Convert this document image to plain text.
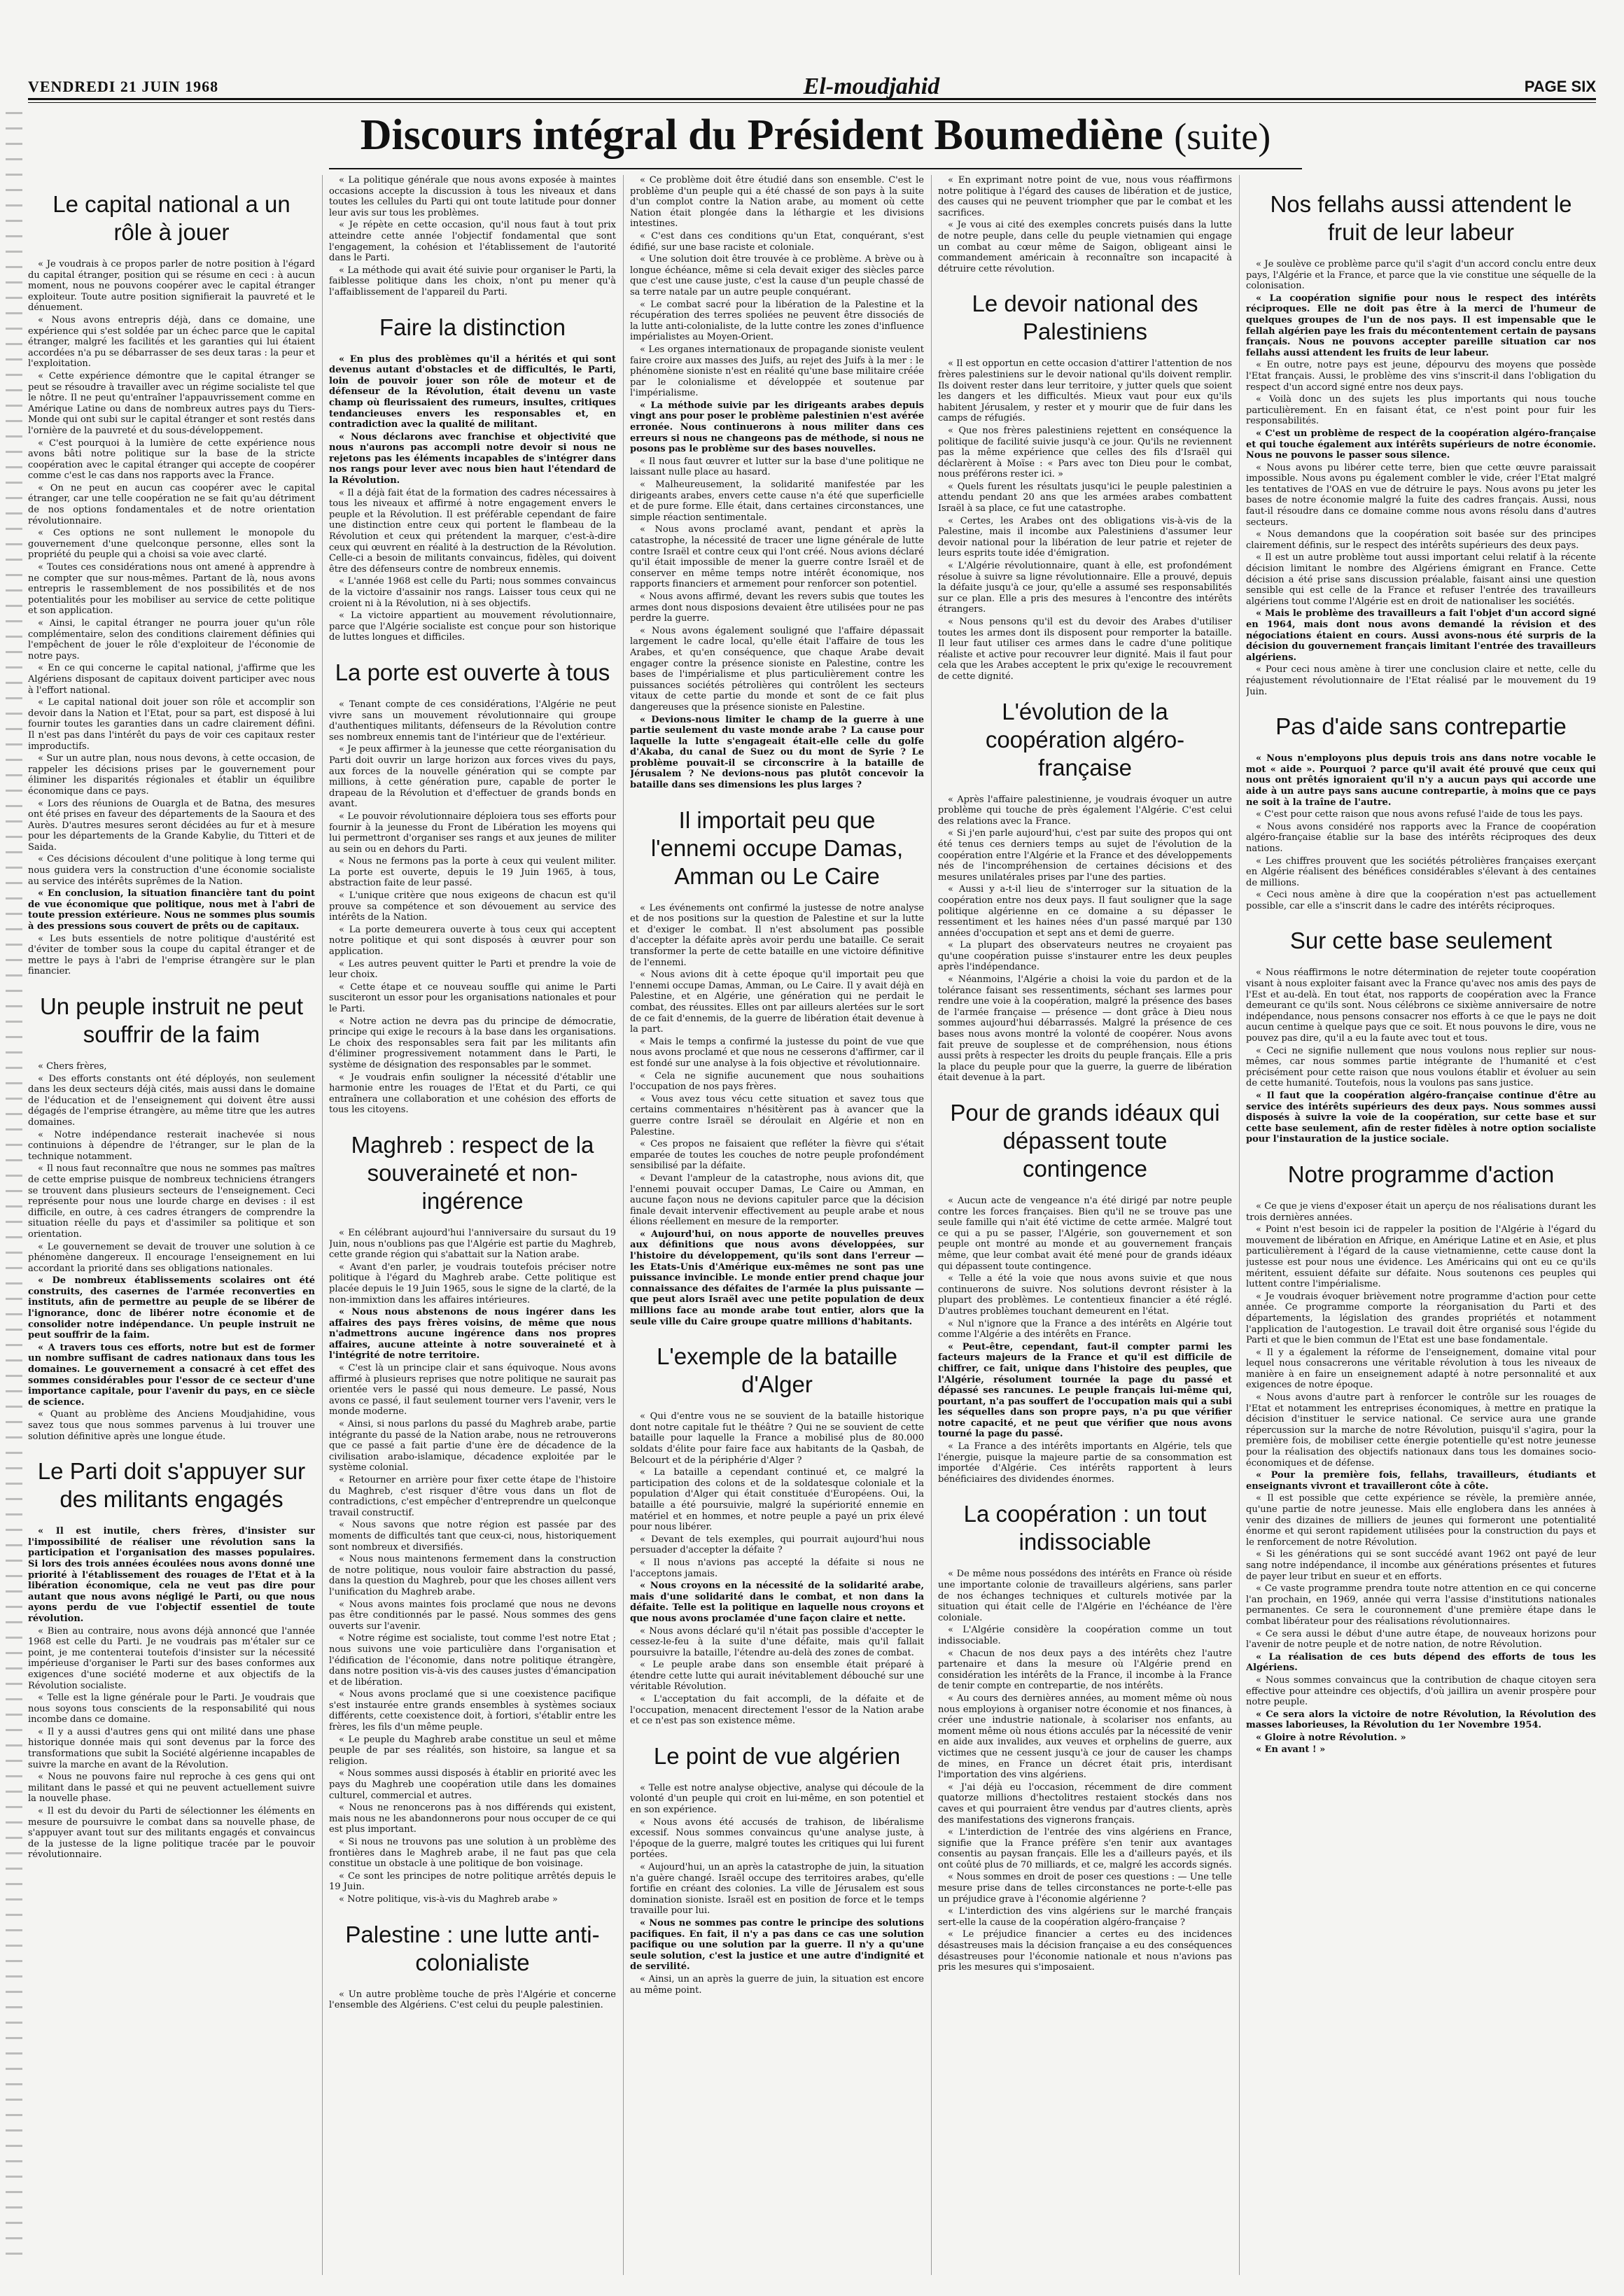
VENDREDI 21 JUIN 1968	El-moudjahid	PAGE SIX
Discours intégral du Président Boumediène (suite)
Le capital national a un rôle à jouer

« Je voudrais à ce propos parler de notre position à l'égard du capital étranger, position qui se résume en ceci : à aucun moment, nous ne pouvons coopérer avec le capital étranger exploiteur. Toute autre position signifierait la pauvreté et le dénuement.

« Nous avons entrepris déjà, dans ce domaine, une expérience qui s'est soldée par un échec parce que le capital étranger, malgré les facilités et les garanties qui lui étaient accordées n'a pu se débarrasser de ses deux taras : la peur et l'exploitation.

« Cette expérience démontre que le capital étranger se peut se résoudre à travailler avec un régime socialiste tel que le nôtre. Il ne peut qu'entraîner l'appauvrissement comme en Amérique Latine ou dans de nombreux autres pays du Tiers-Monde qui ont subi sur le capital étranger et sont restés dans l'ornière de la pauvreté et du sous-développement.

« C'est pourquoi à la lumière de cette expérience nous avons bâti notre politique sur la base de la stricte coopération avec le capital étranger qui accepte de coopérer comme c'est le cas dans nos rapports avec la France.

« On ne peut en aucun cas coopérer avec le capital étranger, car une telle coopération ne se fait qu'au détriment de nos options fondamentales et de notre orientation révolutionnaire.

« Ces options ne sont nullement le monopole du gouvernement d'une quelconque personne, elles sont la propriété du peuple qui a choisi sa voie avec clarté.

« Toutes ces considérations nous ont amené à apprendre à ne compter que sur nous-mêmes. Partant de là, nous avons entrepris le rassemblement de nos possibilités et de nos potentialités pour les mobiliser au service de cette politique et son application.

« Ainsi, le capital étranger ne pourra jouer qu'un rôle complémentaire, selon des conditions clairement définies qui l'empêchent de jouer le rôle d'exploiteur de l'économie de notre pays.

« En ce qui concerne le capital national, j'affirme que les Algériens disposant de capitaux doivent participer avec nous à l'effort national.

« Le capital national doit jouer son rôle et accomplir son devoir dans la Nation et l'Etat, pour sa part, est disposé à lui fournir toutes les garanties dans un cadre clairement défini. Il n'est pas dans l'intérêt du pays de voir ces capitaux rester improductifs.

« Sur un autre plan, nous nous devons, à cette occasion, de rappeler les décisions prises par le gouvernement pour éliminer les disparités régionales et établir un équilibre économique dans ce pays.

« Lors des réunions de Ouargla et de Batna, des mesures ont été prises en faveur des départements de la Saoura et des Aurès. D'autres mesures seront décidées au fur et à mesure pour les départements de la Grande Kabylie, du Titteri et de Saida.

« Ces décisions découlent d'une politique à long terme qui nous guidera vers la construction d'une économie socialiste au service des intérêts suprêmes de la Nation.

« En conclusion, la situation financière tant du point de vue économique que politique, nous met à l'abri de toute pression extérieure. Nous ne sommes plus soumis à des pressions sous couvert de prêts ou de capitaux.

« Les buts essentiels de notre politique d'austérité est d'éviter de tomber sous la coupe du capital étranger et de mettre le pays à l'abri de l'emprise étrangère sur le plan financier.

Un peuple instruit ne peut souffrir de la faim

« Chers frères,

« Des efforts constants ont été déployés, non seulement dans les deux secteurs déjà cités, mais aussi dans le domaine de l'éducation et de l'enseignement qui doivent être aussi dégagés de l'emprise étrangère, au même titre que les autres domaines.

« Notre indépendance resterait inachevée si nous continuions à dépendre de l'étranger, sur le plan de la technique notamment.

« Il nous faut reconnaître que nous ne sommes pas maîtres de cette emprise puisque de nombreux techniciens étrangers se trouvent dans plusieurs secteurs de l'enseignement. Ceci représente pour nous une lourde charge en devises : il est difficile, en outre, à ces cadres étrangers de comprendre la situation réelle du pays et d'assimiler sa politique et son orientation.

« Le gouvernement se devait de trouver une solution à ce phénomène dangereux. Il encourage l'enseignement en lui accordant la priorité dans ses obligations nationales.

« De nombreux établissements scolaires ont été construits, des casernes de l'armée reconverties en instituts, afin de permettre au peuple de se libérer de l'ignorance, donc de libérer notre économie et de consolider notre indépendance. Un peuple instruit ne peut souffrir de la faim.

« A travers tous ces efforts, notre but est de former un nombre suffisant de cadres nationaux dans tous les domaines. Le gouvernement a consacré à cet effet des sommes considérables pour l'essor de ce secteur d'une importance capitale, pour l'avenir du pays, en ce siècle de science.

« Quant au problème des Anciens Moudjahidine, vous savez tous que nous sommes parvenus à lui trouver une solution définitive après une longue étude.

Le Parti doit s'appuyer sur des militants engagés

« Il est inutile, chers frères, d'insister sur l'impossibilité de réaliser une révolution sans la participation et l'organisation des masses populaires. Si lors des trois années écoulées nous avons donné une priorité à l'établissement des rouages de l'Etat et à la libération économique, cela ne veut pas dire pour autant que nous avons négligé le Parti, ou que nous ayons perdu de vue l'objectif essentiel de toute révolution.

« Bien au contraire, nous avons déjà annoncé que l'année 1968 est celle du Parti. Je ne voudrais pas m'étaler sur ce point, je me contenterai toutefois d'insister sur la nécessité impérieuse d'organiser le Parti sur des bases conformes aux exigences d'une société moderne et aux objectifs de la Révolution socialiste.

« Telle est la ligne générale pour le Parti. Je voudrais que nous soyons tous conscients de la responsabilité qui nous incombe dans ce domaine.

« Il y a aussi d'autres gens qui ont milité dans une phase historique donnée mais qui sont devenus par la force des transformations que subit la Société algérienne incapables de suivre la marche en avant de la Révolution.

« Nous ne pouvons faire nul reproche à ces gens qui ont militant dans le passé et qui ne peuvent actuellement suivre la nouvelle phase.

« Il est du devoir du Parti de sélectionner les éléments en mesure de poursuivre le combat dans sa nouvelle phase, de s'appuyer avant tout sur des militants engagés et convaincus de la justesse de la ligne politique tracée par le pouvoir révolutionnaire.

« La politique générale que nous avons exposée à maintes occasions accepte la discussion à tous les niveaux et dans toutes les cellules du Parti qui ont toute latitude pour donner leur avis sur tous les problèmes.

« Je répète en cette occasion, qu'il nous faut à tout prix atteindre cette année l'objectif fondamental que sont l'engagement, la cohésion et l'établissement de l'autorité dans le Parti.

« La méthode qui avait été suivie pour organiser le Parti, la faiblesse politique dans les choix, n'ont pu mener qu'à l'affaiblissement de l'appareil du Parti.

Faire la distinction

« En plus des problèmes qu'il a hérités et qui sont devenus autant d'obstacles et de difficultés, le Parti, loin de pouvoir jouer son rôle de moteur et de défenseur de la Révolution, était devenu un vaste champ où fleurissaient des rumeurs, insultes, critiques tendancieuses envers les responsables et, en contradiction avec la qualité de militant.

« Nous déclarons avec franchise et objectivité que nous n'aurons pas accompli notre devoir si nous ne rejetons pas les éléments incapables de s'intégrer dans nos rangs pour lever avec nous bien haut l'étendard de la Révolution.

« Il a déjà fait état de la formation des cadres nécessaires à tous les niveaux et affirmé à notre engagement envers le peuple et la Révolution. Il est préférable cependant de faire une distinction entre ceux qui portent le flambeau de la Révolution et ceux qui prétendent la marquer, c'est-à-dire ceux qui œuvrent en réalité à la destruction de la Révolution. Celle-ci a besoin de militants convaincus, fidèles, qui doivent être des défenseurs contre de nombreux ennemis.

« L'année 1968 est celle du Parti; nous sommes convaincus de la victoire d'assainir nos rangs. Laisser tous ceux qui ne croient ni à la Révolution, ni à ses objectifs.

« La victoire appartient au mouvement révolutionnaire, parce que l'Algérie socialiste est conçue pour son historique de luttes longues et difficiles.

La porte est ouverte à tous

« Tenant compte de ces considérations, l'Algérie ne peut vivre sans un mouvement révolutionnaire qui groupe d'authentiques militants, défenseurs de la Révolution contre ses nombreux ennemis tant de l'intérieur que de l'extérieur.

« Je peux affirmer à la jeunesse que cette réorganisation du Parti doit ouvrir un large horizon aux forces vives du pays, aux forces de la nouvelle génération qui se compte par millions, à cette génération pure, capable de porter le drapeau de la Révolution et d'effectuer de grands bonds en avant.

« Le pouvoir révolutionnaire déploiera tous ses efforts pour fournir à la jeunesse du Front de Libération les moyens qui lui permettront d'organiser ses rangs et aux jeunes de militer au sein ou en dehors du Parti.

« Nous ne fermons pas la porte à ceux qui veulent militer. La porte est ouverte, depuis le 19 Juin 1965, à tous, abstraction faite de leur passé.

« L'unique critère que nous exigeons de chacun est qu'il prouve sa compétence et son dévouement au service des intérêts de la Nation.

« La porte demeurera ouverte à tous ceux qui acceptent notre politique et qui sont disposés à œuvrer pour son application.

« Les autres peuvent quitter le Parti et prendre la voie de leur choix.

« Cette étape et ce nouveau souffle qui anime le Parti susciteront un essor pour les organisations nationales et pour le Parti.

« Notre action ne devra pas du principe de démocratie, principe qui exige le recours à la base dans les organisations. Le choix des responsables sera fait par les militants afin d'éliminer progressivement notamment dans le Parti, le système de désignation des responsables par le sommet.

« Je voudrais enfin souligner la nécessité d'établir une harmonie entre les rouages de l'Etat et du Parti, ce qui entraînera une collaboration et une cohésion des efforts de tous les citoyens.

Maghreb : respect de la souveraineté et non-ingérence

« En célébrant aujourd'hui l'anniversaire du sursaut du 19 Juin, nous n'oublions pas que l'Algérie est partie du Maghreb, cette grande région qui s'abattait sur la Nation arabe.

« Avant d'en parler, je voudrais toutefois préciser notre politique à l'égard du Maghreb arabe. Cette politique est placée depuis le 19 Juin 1965, sous le signe de la clarté, de la non-immixtion dans les affaires intérieures.

« Nous nous abstenons de nous ingérer dans les affaires des pays frères voisins, de même que nous n'admettrons aucune ingérence dans nos propres affaires, aucune atteinte à notre souveraineté et à l'intégrité de notre territoire.

« C'est là un principe clair et sans équivoque. Nous avons affirmé à plusieurs reprises que notre politique ne saurait pas orientée vers le passé qui nous demeure. Le passé, Nous avons ce passé, il faut seulement tourner vers l'avenir, vers le monde moderne.

« Ainsi, si nous parlons du passé du Maghreb arabe, partie intégrante du passé de la Nation arabe, nous ne retrouverons que ce passé a fait partie d'une ère de décadence de la civilisation arabo-islamique, décadence exploitée par le système colonial.

« Retourner en arrière pour fixer cette étape de l'histoire du Maghreb, c'est risquer d'être vous dans un flot de contradictions, c'est empêcher d'entreprendre un quelconque travail constructif.

« Nous savons que notre région est passée par des moments de difficultés tant que ceux-ci, nous, historiquement sont nombreux et diversifiés.

« Nous nous maintenons fermement dans la construction de notre politique, nous vouloir faire abstraction du passé, dans la question du Maghreb, pour que les choses aillent vers l'unification du Maghreb arabe.

« Nous avons maintes fois proclamé que nous ne devons pas être conditionnés par le passé. Nous sommes des gens ouverts sur l'avenir.

« Notre régime est socialiste, tout comme l'est notre Etat ; nous suivons une voie particulière dans l'organisation et l'édification de l'économie, dans notre politique étrangère, dans notre position vis-à-vis des causes justes d'émancipation et de libération.

« Nous avons proclamé que si une coexistence pacifique s'est instaurée entre grands ensembles à systèmes sociaux différents, cette coexistence doit, à fortiori, s'établir entre les frères, les fils d'un même peuple.

« Le peuple du Maghreb arabe constitue un seul et même peuple de par ses réalités, son histoire, sa langue et sa religion.

« Nous sommes aussi disposés à établir en priorité avec les pays du Maghreb une coopération utile dans les domaines culturel, commercial et autres.

« Nous ne renoncerons pas à nos différends qui existent, mais nous ne les abandonnerons pour nous occuper de ce qui est plus important.

« Si nous ne trouvons pas une solution à un problème des frontières dans le Maghreb arabe, il ne faut pas que cela constitue un obstacle à une politique de bon voisinage.

« Ce sont les principes de notre politique arrêtés depuis le 19 Juin.

« Notre politique, vis-à-vis du Maghreb arabe »

Palestine : une lutte anti-colonialiste

« Un autre problème touche de près l'Algérie et concerne l'ensemble des Algériens. C'est celui du peuple palestinien.

« Ce problème doit être étudié dans son ensemble. C'est le problème d'un peuple qui a été chassé de son pays à la suite d'un complot contre la Nation arabe, au moment où cette Nation était plongée dans la léthargie et les divisions intestines.

« C'est dans ces conditions qu'un Etat, conquérant, s'est édifié, sur une base raciste et coloniale.

« Une solution doit être trouvée à ce problème. A brève ou à longue échéance, même si cela devait exiger des siècles parce que c'est une cause juste, c'est la cause d'un peuple chassé de sa terre natale par un autre peuple conquérant.

« Le combat sacré pour la libération de la Palestine et la récupération des terres spoliées ne peuvent être dissociés de la lutte anti-colonialiste, de la lutte contre les zones d'influence impérialistes au Moyen-Orient.

« Les organes internationaux de propagande sioniste veulent faire croire aux masses des Juifs, au rejet des Juifs à la mer : le phénomène sioniste n'est en réalité qu'une base militaire créée par le colonialisme et développée et soutenue par l'impérialisme.

« La méthode suivie par les dirigeants arabes depuis vingt ans pour poser le problème palestinien n'est avérée erronée. Nous continuerons à nous militer dans ces erreurs si nous ne changeons pas de méthode, si nous ne posons pas le problème sur des bases nouvelles.

« Il nous faut œuvrer et lutter sur la base d'une politique ne laissant nulle place au hasard.

« Malheureusement, la solidarité manifestée par les dirigeants arabes, envers cette cause n'a été que superficielle et de pure forme. Elle était, dans certaines circonstances, une simple réaction sentimentale.

« Nous avons proclamé avant, pendant et après la catastrophe, la nécessité de tracer une ligne générale de lutte contre Israël et contre ceux qui l'ont créé. Nous avions déclaré qu'il était impossible de mener la guerre contre Israël et de conserver en même temps notre intérêt économique, nos rapports financiers et armement pour renforcer son potentiel.

« Nous avons affirmé, devant les revers subis que toutes les armes dont nous disposions devaient être utilisées pour ne pas perdre la guerre.

« Nous avons également souligné que l'affaire dépassait largement le cadre local, qu'elle était l'affaire de tous les Arabes, et qu'en conséquence, que chaque Arabe devait engager contre la présence sioniste en Palestine, contre les bases de l'impérialisme et plus particulièrement contre les puissances sociétés pétrolières qui contrôlent les secteurs vitaux de cette partie du monde et sont de ce fait plus dangereuses que la présence sioniste en Palestine.

« Devions-nous limiter le champ de la guerre à une partie seulement du vaste monde arabe ? La cause pour laquelle la lutte s'engageait était-elle celle du golfe d'Akaba, du canal de Suez ou du mont de Syrie ? Le problème pouvait-il se circonscrire à la bataille de Jérusalem ? Ne devions-nous pas plutôt concevoir la bataille dans ses dimensions les plus larges ?

Il importait peu que l'ennemi occupe Damas, Amman ou Le Caire

« Les événements ont confirmé la justesse de notre analyse et de nos positions sur la question de Palestine et sur la lutte et d'exiger le combat. Il n'est absolument pas possible d'accepter la défaite après avoir perdu une bataille. Ce serait transformer la perte de cette bataille en une victoire définitive de l'ennemi.

« Nous avions dit à cette époque qu'il importait peu que l'ennemi occupe Damas, Amman, ou Le Caire. Il y avait déjà en Palestine, et en Algérie, une génération qui ne perdait le combat, des réussites. Elles ont par ailleurs alertées sur le sort de ce fait d'ennemis, de la guerre de libération était devenue à la part.

« Mais le temps a confirmé la justesse du point de vue que nous avons proclamé et que nous ne cesserons d'affirmer, car il est fondé sur une analyse à la fois objective et révolutionnaire.

« Cela ne signifie aucunement que nous souhaitions l'occupation de nos pays frères.

« Vous avez tous vécu cette situation et savez tous que certains commentaires n'hésitèrent pas à avancer que la guerre contre Israël se déroulait en Algérie et non en Palestine.

« Ces propos ne faisaient que refléter la fièvre qui s'était emparée de toutes les couches de notre peuple profondément sensibilisé par la défaite.

« Devant l'ampleur de la catastrophe, nous avions dit, que l'ennemi pouvait occuper Damas, Le Caire ou Amman, en aucune façon nous ne devions capituler parce que la décision finale devait intervenir effectivement au peuple arabe et nous élions réellement en mesure de la remporter.

« Aujourd'hui, on nous apporte de nouvelles preuves aux définitions que nous avons développées, sur l'histoire du développement, qu'ils sont dans l'erreur — les Etats-Unis d'Amérique eux-mêmes ne sont pas une puissance invincible. Le monde entier prend chaque jour connaissance des défaites de l'armée la plus puissante — que peut alors Israël avec une petite population de deux millions face au monde arabe tout entier, alors que la seule ville du Caire groupe quatre millions d'habitants.

L'exemple de la bataille d'Alger

« Qui d'entre vous ne se souvient de la bataille historique dont notre capitale fut le théâtre ? Qui ne se souvient de cette bataille pour laquelle la France a mobilisé plus de 80.000 soldats d'élite pour faire face aux habitants de la Qasbah, de Belcourt et de la périphérie d'Alger ?

« La bataille a cependant continué et, ce malgré la participation des colons et de la soldatesque coloniale et la population d'Alger qui était constituée d'Européens. Oui, la bataille a été poursuivie, malgré la supériorité ennemie en matériel et en hommes, et notre peuple a payé un prix élevé pour nous libérer.

« Devant de tels exemples, qui pourrait aujourd'hui nous persuader d'accepter la défaite ?

« Il nous n'avions pas accepté la défaite si nous ne l'acceptons jamais.

« Nous croyons en la nécessité de la solidarité arabe, mais d'une solidarité dans le combat, et non dans la défaite. Telle est la politique en laquelle nous croyons et que nous avons proclamée d'une façon claire et nette.

« Nous avons déclaré qu'il n'était pas possible d'accepter le cessez-le-feu à la suite d'une défaite, mais qu'il fallait poursuivre la bataille, l'étendre au-delà des zones de combat.

« Le peuple arabe dans son ensemble était préparé à étendre cette lutte qui aurait inévitablement débouché sur une véritable Révolution.

« L'acceptation du fait accompli, de la défaite et de l'occupation, menacent directement l'essor de la Nation arabe et ce n'est pas son existence même.

Le point de vue algérien

« Telle est notre analyse objective, analyse qui découle de la volonté d'un peuple qui croit en lui-même, en son potentiel et en son expérience.

« Nous avons été accusés de trahison, de libéralisme excessif. Nous sommes convaincus qu'une analyse juste, à l'époque de la guerre, malgré toutes les critiques qui lui furent portées.

« Aujourd'hui, un an après la catastrophe de juin, la situation n'a guère changé. Israël occupe des territoires arabes, qu'elle fortifie en créant des colonies. La ville de Jérusalem est sous domination sioniste. Israël est en position de force et le temps travaille pour lui.

« Nous ne sommes pas contre le principe des solutions pacifiques. En fait, il n'y a pas dans ce cas une solution pacifique ou une solution par la guerre. Il n'y a qu'une seule solution, c'est la justice et une autre d'indignité et de servilité.

« Ainsi, un an après la guerre de juin, la situation est encore au même point.

« En exprimant notre point de vue, nous vous réaffirmons notre politique à l'égard des causes de libération et de justice, des causes qui ne peuvent triompher que par le combat et les sacrifices.

« Je vous ai cité des exemples concrets puisés dans la lutte de notre peuple, dans celle du peuple vietnamien qui engage un combat au cœur même de Saigon, obligeant ainsi le commandement américain à reconnaître son incapacité à détruire cette révolution.

Le devoir national des Palestiniens

« Il est opportun en cette occasion d'attirer l'attention de nos frères palestiniens sur le devoir national qu'ils doivent remplir. Ils doivent rester dans leur territoire, y jutter quels que soient les dangers et les difficultés. Mieux vaut pour eux qu'ils habitent Jérusalem, y rester et y mourir que de fuir dans les camps de réfugiés.

« Que nos frères palestiniens rejettent en conséquence la politique de facilité suivie jusqu'à ce jour. Qu'ils ne reviennent pas la même expérience que celles des fils d'Israël qui déclarèrent à Moïse : « Pars avec ton Dieu pour le combat, nous préférons rester ici. »

« Quels furent les résultats jusqu'ici le peuple palestinien a attendu pendant 20 ans que les armées arabes combattent Israël à sa place, ce fut une catastrophe.

« Certes, les Arabes ont des obligations vis-à-vis de la Palestine, mais il incombe aux Palestiniens d'assumer leur devoir national pour la libération de leur patrie et rejeter de leurs esprits toute idée d'émigration.

« L'Algérie révolutionnaire, quant à elle, est profondément résolue à suivre sa ligne révolutionnaire. Elle a prouvé, depuis la défaite jusqu'à ce jour, qu'elle a assumé ses responsabilités sur ce plan. Elle a pris des mesures à l'encontre des intérêts étrangers.

« Nous pensons qu'il est du devoir des Arabes d'utiliser toutes les armes dont ils disposent pour remporter la bataille. Il leur faut utiliser ces armes dans le cadre d'une politique réaliste et active pour recouvrer leur dignité. Mais il faut pour cela que les Arabes acceptent le prix qu'exige le recouvrement de cette dignité.

L'évolution de la coopération algéro-française

« Après l'affaire palestinienne, je voudrais évoquer un autre problème qui touche de près également l'Algérie. C'est celui des relations avec la France.

« Si j'en parle aujourd'hui, c'est par suite des propos qui ont été tenus ces derniers temps au sujet de l'évolution de la coopération entre l'Algérie et la France et des développements nés de l'incompréhension de certaines décisions et des mesures unilatérales prises par l'une des parties.

« Aussi y a-t-il lieu de s'interroger sur la situation de la coopération entre nos deux pays. Il faut souligner que la sage politique algérienne en ce domaine a su dépasser le ressentiment et les haines nées d'un passé marqué par 130 années d'occupation et sept ans et demi de guerre.

« La plupart des observateurs neutres ne croyaient pas qu'une coopération puisse s'instaurer entre les deux peuples après l'indépendance.

« Néanmoins, l'Algérie a choisi la voie du pardon et de la tolérance faisant ses ressentiments, séchant ses larmes pour rendre une voie à la coopération, malgré la présence des bases de l'armée française — présence — dont grâce à Dieu nous sommes aujourd'hui débarrassés. Malgré la présence de ces bases nous avons montré la volonté de coopérer. Nous avons fait preuve de souplesse et de compréhension, nous étions aussi prêts à respecter les droits du peuple français. Elle a pris la place du peuple pour que la guerre, la guerre de libération était devenue à la part.

Pour de grands idéaux qui dépassent toute contingence

« Aucun acte de vengeance n'a été dirigé par notre peuple contre les forces françaises. Bien qu'il ne se trouve pas une seule famille qui n'ait été victime de cette armée. Malgré tout ce qui a pu se passer, l'Algérie, son gouvernement et son peuple ont montré au monde et au gouvernement français même, que leur combat avait été mené pour de grands idéaux qui dépassent toute contingence.

« Telle a été la voie que nous avons suivie et que nous continuerons de suivre. Nos solutions devront résister à la plupart des problèmes. Le contentieux financier a été réglé. D'autres problèmes touchant demeurent en l'état.

« Nul n'ignore que la France a des intérêts en Algérie tout comme l'Algérie a des intérêts en France.

« Peut-être, cependant, faut-il compter parmi les facteurs majeurs de la France et qu'il est difficile de chiffrer, ce fait, unique dans l'histoire des peuples, que l'Algérie, résolument tournée la page du passé et dépassé ses rancunes. Le peuple français lui-même qui, pourtant, n'a pas souffert de l'occupation mais qui a subi les séquelles dans son propre pays, n'a pu que vérifier notre capacité, et ne peut que vérifier que nous avons tourné la page du passé.

« La France a des intérêts importants en Algérie, tels que l'énergie, puisque la majeure partie de sa consommation est importée d'Algérie. Ces intérêts rapportent à leurs bénéficiaires des dividendes énormes.

La coopération : un tout indissociable

« De même nous possédons des intérêts en France où réside une importante colonie de travailleurs algériens, sans parler de nos échanges techniques et culturels motivée par la situation qui était celle de l'Algérie en l'échéance de l'ère coloniale.

« L'Algérie considère la coopération comme un tout indissociable.

« Chacun de nos deux pays a des intérêts chez l'autre partenaire et dans la mesure où l'Algérie prend en considération les intérêts de la France, il incombe à la France de tenir compte en contrepartie, de nos intérêts.

« Au cours des dernières années, au moment même où nous nous employions à organiser notre économie et nos finances, à créer une industrie nationale, à scolariser nos enfants, au moment même où nous étions acculés par la nécessité de venir en aide aux invalides, aux veuves et orphelins de guerre, aux victimes que ne cessent jusqu'à ce jour de causer les champs de mines, en France un décret était pris, interdisant l'importation des vins algériens.

« J'ai déjà eu l'occasion, récemment de dire comment quatorze millions d'hectolitres restaient stockés dans nos caves et qui pourraient être vendus par d'autres clients, après des manifestations des vignerons français.

« L'interdiction de l'entrée des vins algériens en France, signifie que la France préfère s'en tenir aux avantages consentis au paysan français. Elle les a d'ailleurs payés, et ils ont coûté plus de 70 milliards, et ce, malgré les accords signés.

« Nous sommes en droit de poser ces questions : — Une telle mesure prise dans de telles circonstances ne porte-t-elle pas un préjudice grave à l'économie algérienne ?

« L'interdiction des vins algériens sur le marché français sert-elle la cause de la coopération algéro-française ?

« Le préjudice financier a certes eu des incidences désastreuses mais la décision française a eu des conséquences désastreuses pour l'économie nationale et nous n'avions pas pris les mesures qui s'imposaient.

Nos fellahs aussi attendent le fruit de leur labeur

« Je soulève ce problème parce qu'il s'agit d'un accord conclu entre deux pays, l'Algérie et la France, et parce que la vie constitue une séquelle de la colonisation.

« La coopération signifie pour nous le respect des intérêts réciproques. Elle ne doit pas être à la merci de l'humeur de quelques groupes de l'un de nos pays. Il est impensable que le fellah algérien paye les frais du mécontentement certain de paysans français. Nous ne pouvons accepter pareille situation car nos fellahs aussi attendent les fruits de leur labeur.

« En outre, notre pays est jeune, dépourvu des moyens que possède l'Etat français. Aussi, le problème des vins s'inscrit-il dans l'obligation du respect d'un accord signé entre nos deux pays.

« Voilà donc un des sujets les plus importants qui nous touche particulièrement. En en faisant état, ce n'est point pour fuir les responsabilités.

« C'est un problème de respect de la coopération algéro-française et qui touche également aux intérêts supérieurs de notre économie. Nous ne pouvons le passer sous silence.

« Nous avons pu libérer cette terre, bien que cette œuvre paraissait impossible. Nous avons pu également combler le vide, créer l'Etat malgré les tentatives de l'OAS en vue de détruire le pays. Nous avons pu jeter les bases de notre économie malgré la fuite des cadres français. Aussi, nous faut-il résoudre dans ce domaine comme nous avons résolu dans d'autres secteurs.

« Nous demandons que la coopération soit basée sur des principes clairement définis, sur le respect des intérêts supérieurs des deux pays.

« Il est un autre problème tout aussi important celui relatif à la récente décision limitant le nombre des Algériens émigrant en France. Cette décision a été prise sans discussion préalable, faisant ainsi une question sensible qui est celle de la France et refuser l'entrée des travailleurs algériens tout comme l'Algérie est en droit de nationaliser les sociétés.

« Mais le problème des travailleurs a fait l'objet d'un accord signé en 1964, mais dont nous avons demandé la révision et des négociations étaient en cours. Aussi avons-nous été surpris de la décision du gouvernement français limitant l'entrée des travailleurs algériens.

« Pour ceci nous amène à tirer une conclusion claire et nette, celle du réajustement révolutionnaire de l'Etat réalisé par le mouvement du 19 Juin.

Pas d'aide sans contrepartie

« Nous n'employons plus depuis trois ans dans notre vocable le mot « aide ». Pourquoi ? parce qu'il avait été prouvé que ceux qui nous ont prêtés ignoraient qu'il n'y a aucun pays qui accorde une aide à un autre pays sans aucune contrepartie, à moins que ce pays ne soit à la traîne de l'autre.

« C'est pour cette raison que nous avons refusé l'aide de tous les pays.

« Nous avons considéré nos rapports avec la France de coopération algéro-française établie sur la base des intérêts réciproques des deux nations.

« Les chiffres prouvent que les sociétés pétrolières françaises exerçant en Algérie réalisent des bénéfices considérables s'élevant à des centaines de millions.

« Ceci nous amène à dire que la coopération n'est pas actuellement possible, car elle a s'inscrit dans le cadre des intérêts réciproques.

Sur cette base seulement

« Nous réaffirmons le notre détermination de rejeter toute coopération visant à nous exploiter faisant avec la France qu'avec nos amis des pays de l'Est et au-delà. En tout état, nos rapports de coopération avec la France demeurant ce qu'ils sont. Nous célébrons ce sixième anniversaire de notre indépendance, nous pensons consacrer nos efforts à ce que le pays ne doit aucun centime à quelque pays que ce soit. Et nous pouvons le dire, vous ne pouvez pas dire, qu'il a eu la faute avec tout et tous.

« Ceci ne signifie nullement que nous voulons nous replier sur nous-mêmes, car nous sommes partie intégrante de l'humanité et c'est précisément pour cette raison que nous voulons établir et évoluer au sein de cette humanité. Toutefois, nous la voulons pas sans justice.

« Il faut que la coopération algéro-française continue d'être au service des intérêts supérieurs des deux pays. Nous sommes aussi disposés à suivre la voie de la coopération, sur cette base et sur cette base seulement, afin de rester fidèles à notre option socialiste pour l'instauration de la justice sociale.

Notre programme d'action

« Ce que je viens d'exposer était un aperçu de nos réalisations durant les trois dernières années.

« Point n'est besoin ici de rappeler la position de l'Algérie à l'égard du mouvement de libération en Afrique, en Amérique Latine et en Asie, et plus particulièrement à l'égard de la cause vietnamienne, cette cause dont la justesse est pour nous une évidence. Les Américains qui ont eu ce qu'ils méritent, essuient défaite sur défaite. Nous soutenons ces peuples qui luttent contre l'impérialisme.

« Je voudrais évoquer brièvement notre programme d'action pour cette année. Ce programme comporte la réorganisation du Parti et des départements, la législation des grandes propriétés et notamment l'application de l'autogestion. Le travail doit être organisé sous l'égide du Parti et que le bien commun de l'Etat est une base fondamentale.

« Il y a également la réforme de l'enseignement, domaine vital pour lequel nous consacrerons une véritable révolution à tous les niveaux de manière à en faire un enseignement adapté à notre personnalité et aux exigences de notre époque.

« Nous avons d'autre part à renforcer le contrôle sur les rouages de l'Etat et notamment les entreprises économiques, à mettre en pratique la décision d'instituer le service national. Ce service aura une grande répercussion sur la marche de notre Révolution, puisqu'il s'agira, pour la première fois, de mobiliser cette énergie potentielle qu'est notre jeunesse pour la réalisation des objectifs nationaux dans tous les domaines socio-économiques et de défense.

« Pour la première fois, fellahs, travailleurs, étudiants et enseignants vivront et travailleront côte à côte.

« Il est possible que cette expérience se révèle, la première année, qu'une partie de notre jeunesse. Mais elle englobera dans les années à venir des dizaines de milliers de jeunes qui formeront une potentialité énorme et qui seront rapidement utilisées pour la construction du pays et le renforcement de notre Révolution.

« Si les générations qui se sont succédé avant 1962 ont payé de leur sang notre indépendance, il incombe aux générations présentes et futures de payer leur tribut en sueur et en efforts.

« Ce vaste programme prendra toute notre attention en ce qui concerne l'an prochain, en 1969, année qui verra l'assise d'institutions nationales permanentes. Ce sera le couronnement d'une première étape dans le combat libérateur pour des réalisations révolutionnaires.

« Ce sera aussi le début d'une autre étape, de nouveaux horizons pour l'avenir de notre peuple et de notre nation, de notre Révolution.

« La réalisation de ces buts dépend des efforts de tous les Algériens.

« Nous sommes convaincus que la contribution de chaque citoyen sera effective pour atteindre ces objectifs, d'où jaillira un avenir prospère pour notre peuple.

« Ce sera alors la victoire de notre Révolution, la Révolution des masses laborieuses, la Révolution du 1er Novembre 1954.

« Gloire à notre Révolution. »

« En avant ! »
